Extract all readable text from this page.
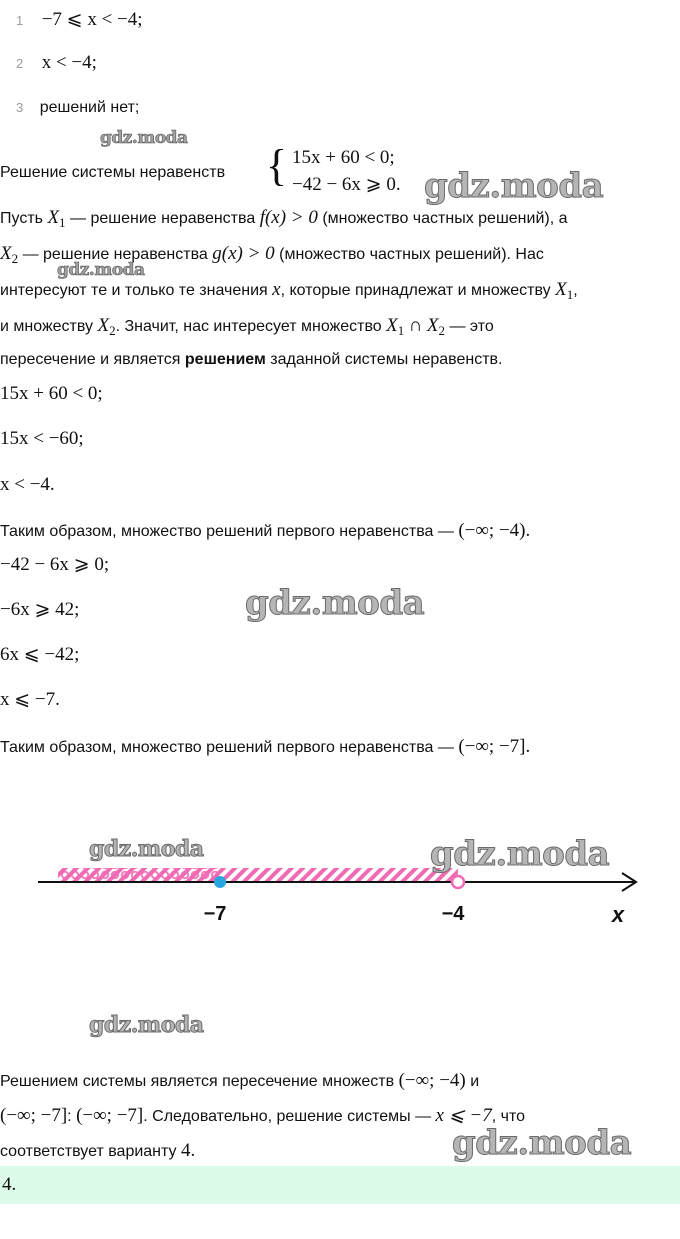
1 −7 ⩽ x < −4;
2 x < −4;
3 решений нет;
Решение системы неравенств { 15x + 60 < 0;
−42 − 6x ⩾ 0.
Пусть $X_1$ — решение неравенства f(x) > 0 (множество частных решений), а
$X_2$ — решение неравенства g(x) > 0 (множество частных решений). Нас
интересуют те и только те значения x, которые принадлежат и множеству $X_1$,
и множеству $X_2$. Значит, нас интересует множество $X_1$ ∩ $X_2$ — это
пересечение и является решением заданной системы неравенств.
15x + 60 < 0;
15x < −60;
x < −4.
Таким образом, множество решений первого неравенства — (−∞; −4).
−42 − 6x ⩾ 0;
−6x ⩾ 42;
6x ⩽ −42;
x ⩽ −7.
Таким образом, множество решений первого неравенства — (−∞; −7].
−7	−4	x
Решением системы является пересечение множеств (−∞; −4) и
(−∞; −7]: (−∞; −7]. Следовательно, решение системы — x ⩽ −7, что
соответствует варианту 4.
4.
gdz.moda
gdz.moda
gdz.moda
gdz.moda
gdz.moda	gdz.moda
gdz.moda
gdz.moda
